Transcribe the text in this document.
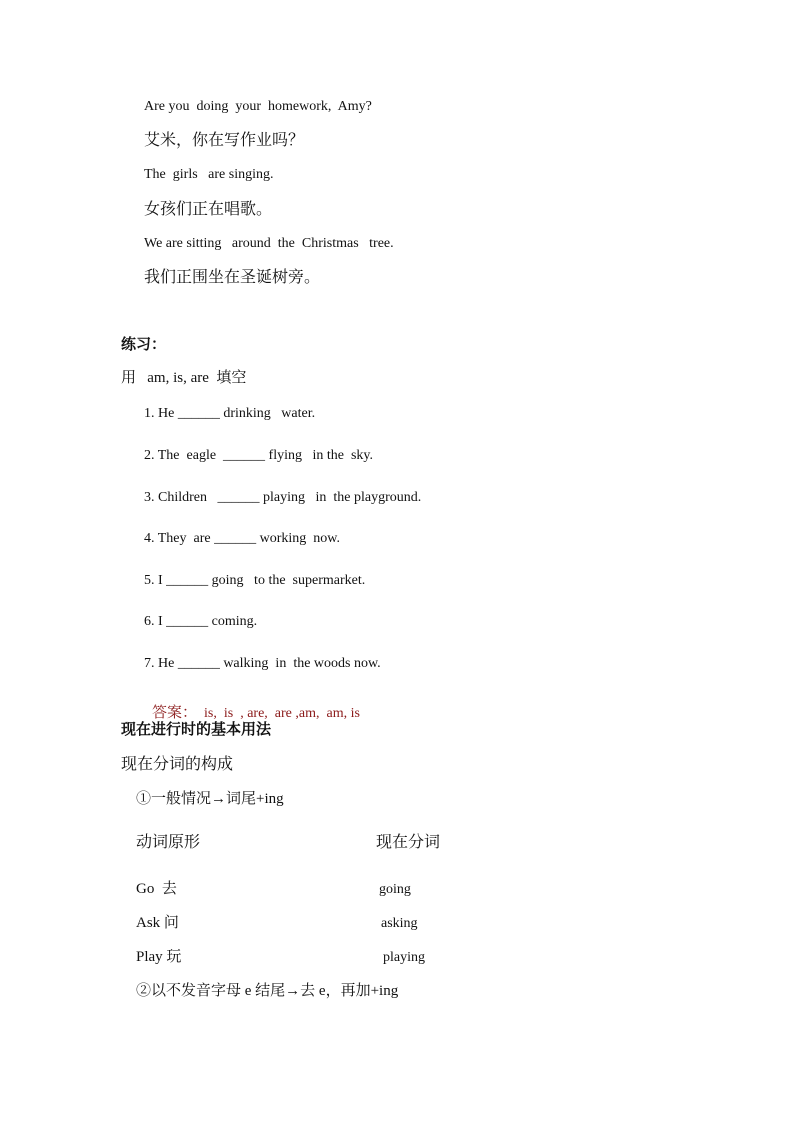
Are you  doing  your  homework,  Amy?
艾米，你在写作业吗？
The  girls   are singing.
女孩们正在唱歌。
We are sitting   around  the  Christmas   tree.
我们正围坐在圣诞树旁。
练习：
用   am, is, are  填空
1. He ______ drinking   water.
2. The  eagle  ______ flying   in the  sky.
3. Children   ______ playing   in  the playground.
4. They  are ______ working  now.
5. I ______ going   to the  supermarket.
6. I ______ coming.
7. He ______ walking  in  the woods now.

答案：  is,  is  , are,  are ,am,  am, is

现在进行时的基本用法
现在分词的构成
①一般情况→词尾+ing
动词原形	现在分词
Go  去	going
Ask 问	asking
Play 玩	playing
②以不发音字母 e 结尾→去 e，再加+ing
